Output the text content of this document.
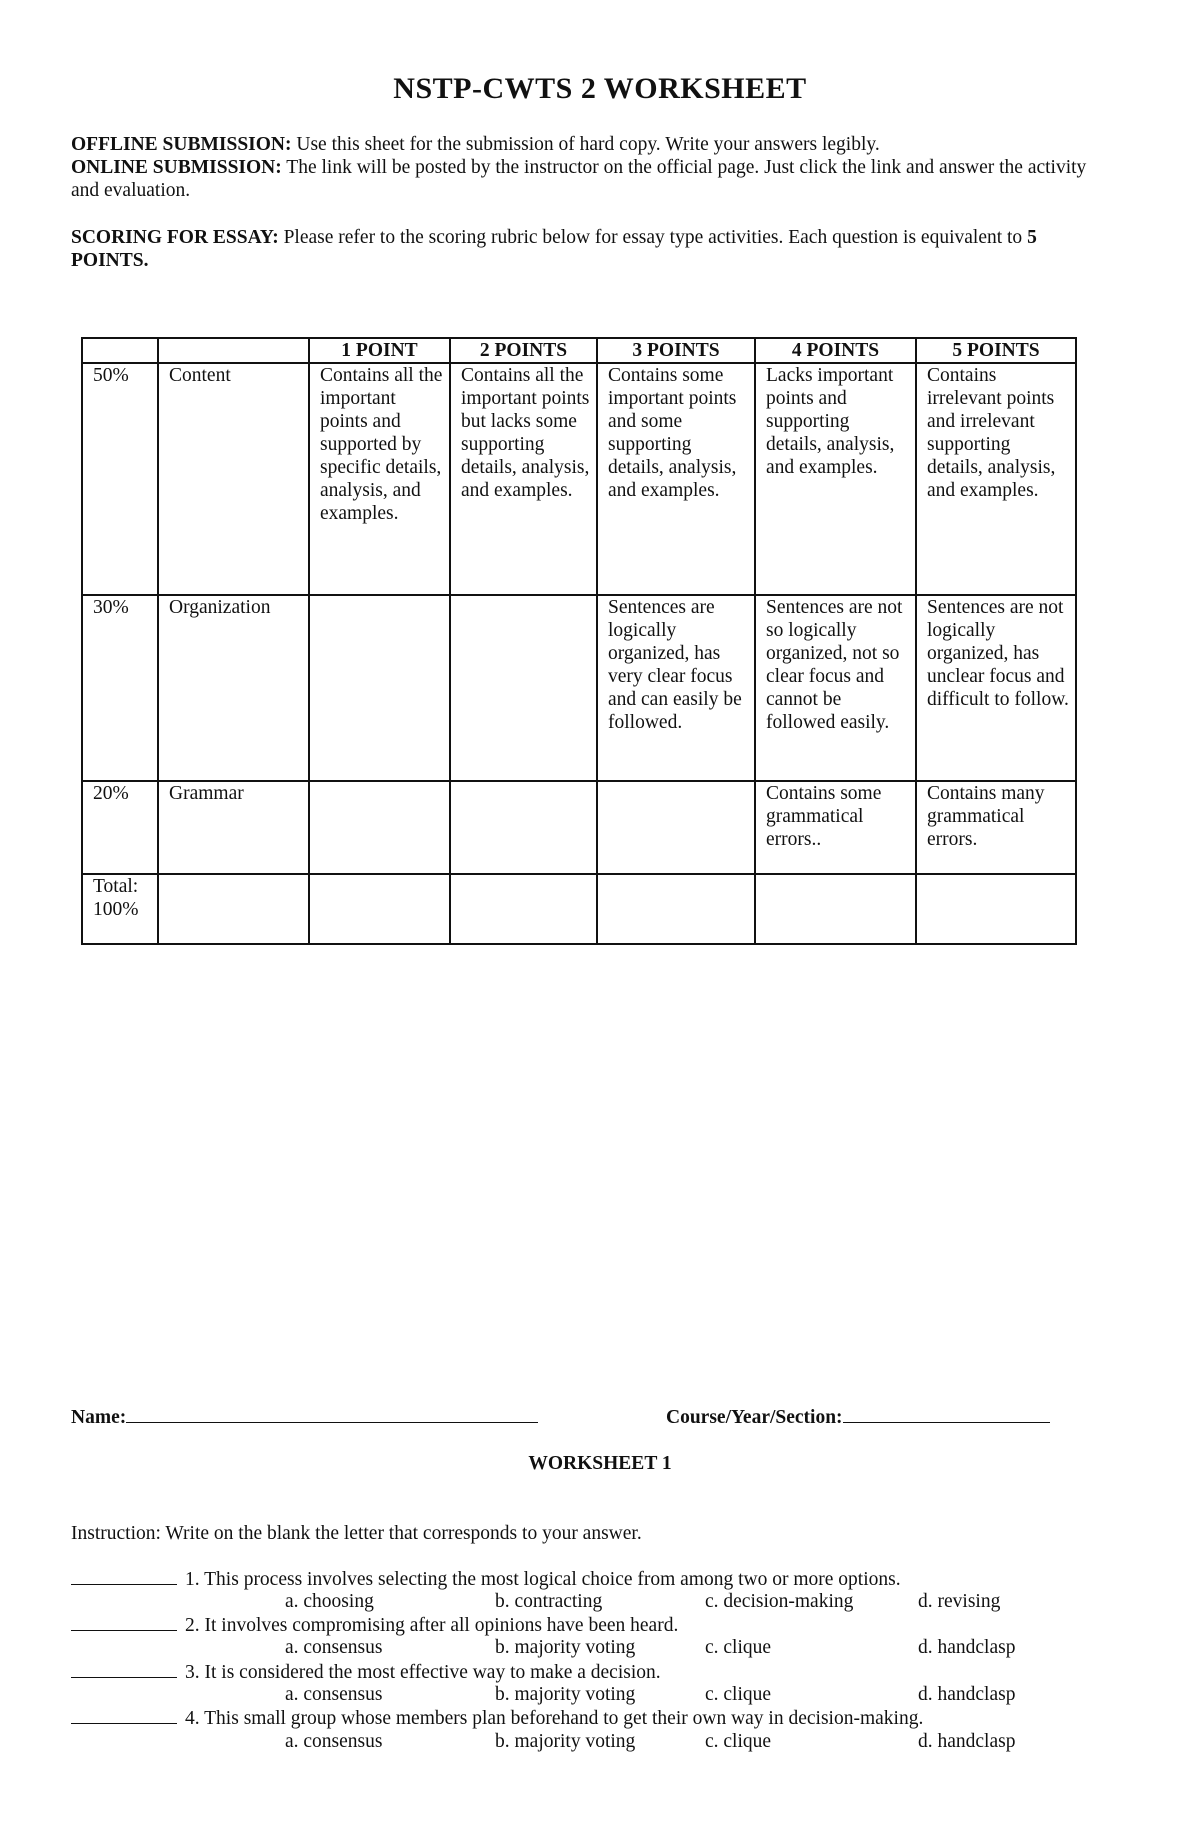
NSTP-CWTS 2 WORKSHEET
OFFLINE SUBMISSION: Use this sheet for the submission of hard copy. Write your answers legibly.
ONLINE SUBMISSION: The link will be posted by the instructor on the official page. Just click the link and answer the activity and evaluation.
SCORING FOR ESSAY: Please refer to the scoring rubric below for essay type activities. Each question is equivalent to 5 POINTS.
		1 POINT	2 POINTS	3 POINTS	4 POINTS	5 POINTS
50%	Content	Contains all the important points and supported by specific details, analysis, and examples.	Contains all the important points but lacks some supporting details, analysis, and examples.	Contains some important points and some supporting details, analysis, and examples.	Lacks important points and supporting details, analysis, and examples.	Contains irrelevant points and irrelevant supporting details, analysis, and examples.
30%	Organization			Sentences are logically organized, has very clear focus and can easily be followed.	Sentences are not so logically organized, not so clear focus and cannot be followed easily.	Sentences are not logically organized, has unclear focus and difficult to follow.
20%	Grammar				Contains some grammatical errors..	Contains many grammatical errors.
Total: 100%						
Name:	Course/Year/Section:
WORKSHEET 1
Instruction: Write on the blank the letter that corresponds to your answer.
1. This process involves selecting the most logical choice from among two or more options.
a. choosing	b. contracting	c. decision-making	d. revising
2. It involves compromising after all opinions have been heard.
a. consensus	b. majority voting	c. clique	d. handclasp
3. It is considered the most effective way to make a decision.
a. consensus	b. majority voting	c. clique	d. handclasp
4. This small group whose members plan beforehand to get their own way in decision-making.
a. consensus	b. majority voting	c. clique	d. handclasp
